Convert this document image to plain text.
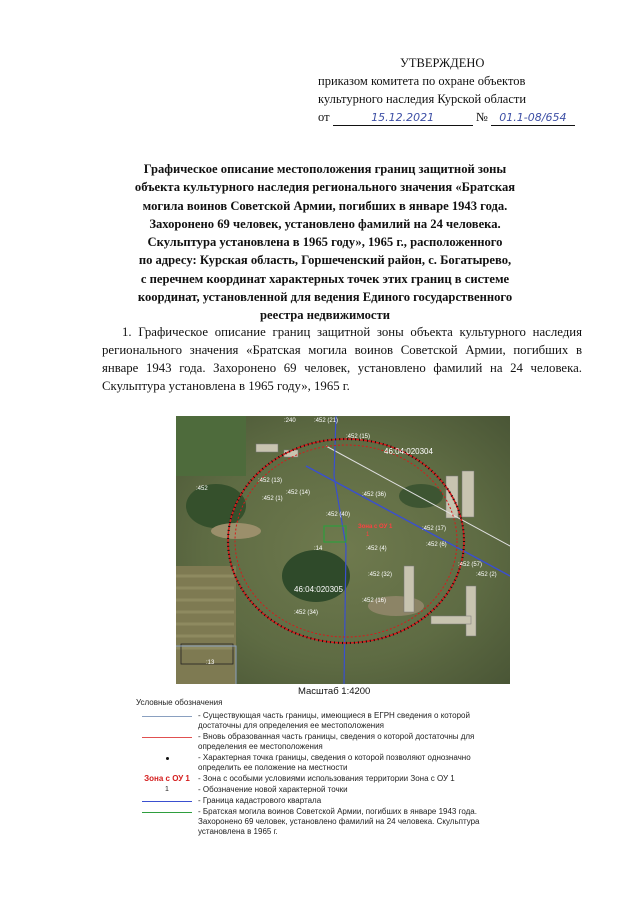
УТВЕРЖДЕНО
приказом комитета по охране объектов
культурного наследия Курской области
от	15.12.2021	№ 01.1-08/654
Графическое описание местоположения границ защитной зоны
объекта культурного наследия регионального значения «Братская
могила воинов Советской Армии, погибших в январе 1943 года.
Захоронено 69 человек, установлено фамилий на 24 человека.
Скульптура установлена в 1965 году», 1965 г., расположенного
по адресу: Курская область, Горшеченский район, с. Богатырево,
с перечнем координат характерных точек этих границ в системе
координат, установленной для ведения Единого государственного
реестра недвижимости
1. Графическое описание границ защитной зоны объекта культурного наследия регионального значения «Братская могила воинов Советской Армии, погибших в январе 1943 года. Захоронено 69 человек, установлено фамилий на 24 человека. Скульптура установлена в 1965 году», 1965 г.
46:04:020304
46:04:020305
Зона с ОУ 1
1
:240	:452 (21)
:452 (15)
:452 (13)
:452 (14)	:452 (36)
:452 (40)
:452 (6)
:452 (4)
:452 (32)
:452 (16)
:452 (34)
:452 (17)
:452 (57)
:452 (1)
:452 (2)
:14
:13
:452
Масштаб 1:4200
Условные обозначения
- Существующая часть границы, имеющиеся в ЕГРН сведения о которой достаточны для определения ее местоположения
- Вновь образованная часть границы, сведения о которой достаточны для определения ее местоположения
- Характерная точка границы, сведения о которой позволяют однозначно определить ее положение на местности
Зона с ОУ 1 - Зона с особыми условиями использования территории Зона с ОУ 1
1	- Обозначение новой характерной точки
- Граница кадастрового квартала
- Братская могила воинов Советской Армии, погибших в январе 1943 года. Захоронено 69 человек, установлено фамилий на 24 человека. Скульптура установлена в 1965 г.
